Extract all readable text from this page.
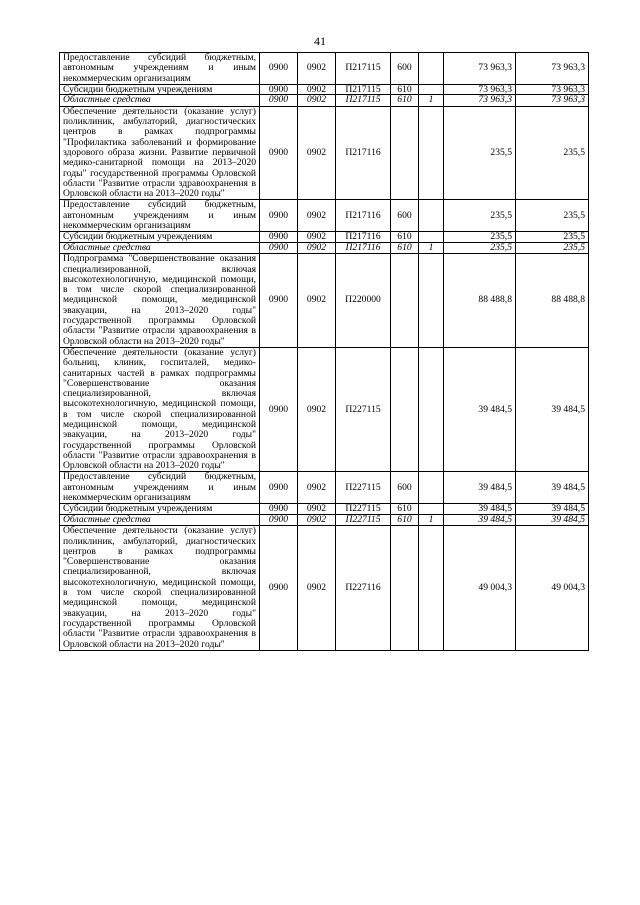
41
Предоставление субсидий бюджетным, автономным учреждениям и иным некоммерческим организациям	0900	0902	П217115	600		73 963,3	73 963,3
Субсидии бюджетным учреждениям	0900	0902	П217115	610		73 963,3	73 963,3
Областные средства	0900	0902	П217115	610	1	73 963,3	73 963,3
Обеспечение деятельности (оказание услуг) поликлиник, амбулаторий, диагностических центров в рамках подпрограммы "Профилактика заболеваний и формирование здорового образа жизни. Развитие первичной медико-санитарной помощи на 2013–2020 годы" государственной программы Орловской области "Развитие отрасли здравоохранения в Орловской области на 2013–2020 годы"	0900	0902	П217116			235,5	235,5
Предоставление субсидий бюджетным, автономным учреждениям и иным некоммерческим организациям	0900	0902	П217116	600		235,5	235,5
Субсидии бюджетным учреждениям	0900	0902	П217116	610		235,5	235,5
Областные средства	0900	0902	П217116	610	1	235,5	235,5
Подпрограмма "Совершенствование оказания специализированной, включая высокотехнологичную, медицинской помощи, в том числе скорой специализированной медицинской помощи, медицинской эвакуации, на 2013–2020 годы" государственной программы Орловской области "Развитие отрасли здравоохранения в Орловской области на 2013–2020 годы"	0900	0902	П220000			88 488,8	88 488,8
Обеспечение деятельности (оказание услуг) больниц, клиник, госпиталей, медико-санитарных частей в рамках подпрограммы "Совершенствование оказания специализированной, включая высокотехнологичную, медицинской помощи, в том числе скорой специализированной медицинской помощи, медицинской эвакуации, на 2013–2020 годы" государственной программы Орловской области "Развитие отрасли здравоохранения в Орловской области на 2013–2020 годы"	0900	0902	П227115			39 484,5	39 484,5
Предоставление субсидий бюджетным, автономным учреждениям и иным некоммерческим организациям	0900	0902	П227115	600		39 484,5	39 484,5
Субсидии бюджетным учреждениям	0900	0902	П227115	610		39 484,5	39 484,5
Областные средства	0900	0902	П227115	610	1	39 484,5	39 484,5
Обеспечение деятельности (оказание услуг) поликлиник, амбулаторий, диагностических центров в рамках подпрограммы "Совершенствование оказания специализированной, включая высокотехнологичную, медицинской помощи, в том числе скорой специализированной медицинской помощи, медицинской эвакуации, на 2013–2020 годы" государственной программы Орловской области "Развитие отрасли здравоохранения в Орловской области на 2013–2020 годы"	0900	0902	П227116			49 004,3	49 004,3
